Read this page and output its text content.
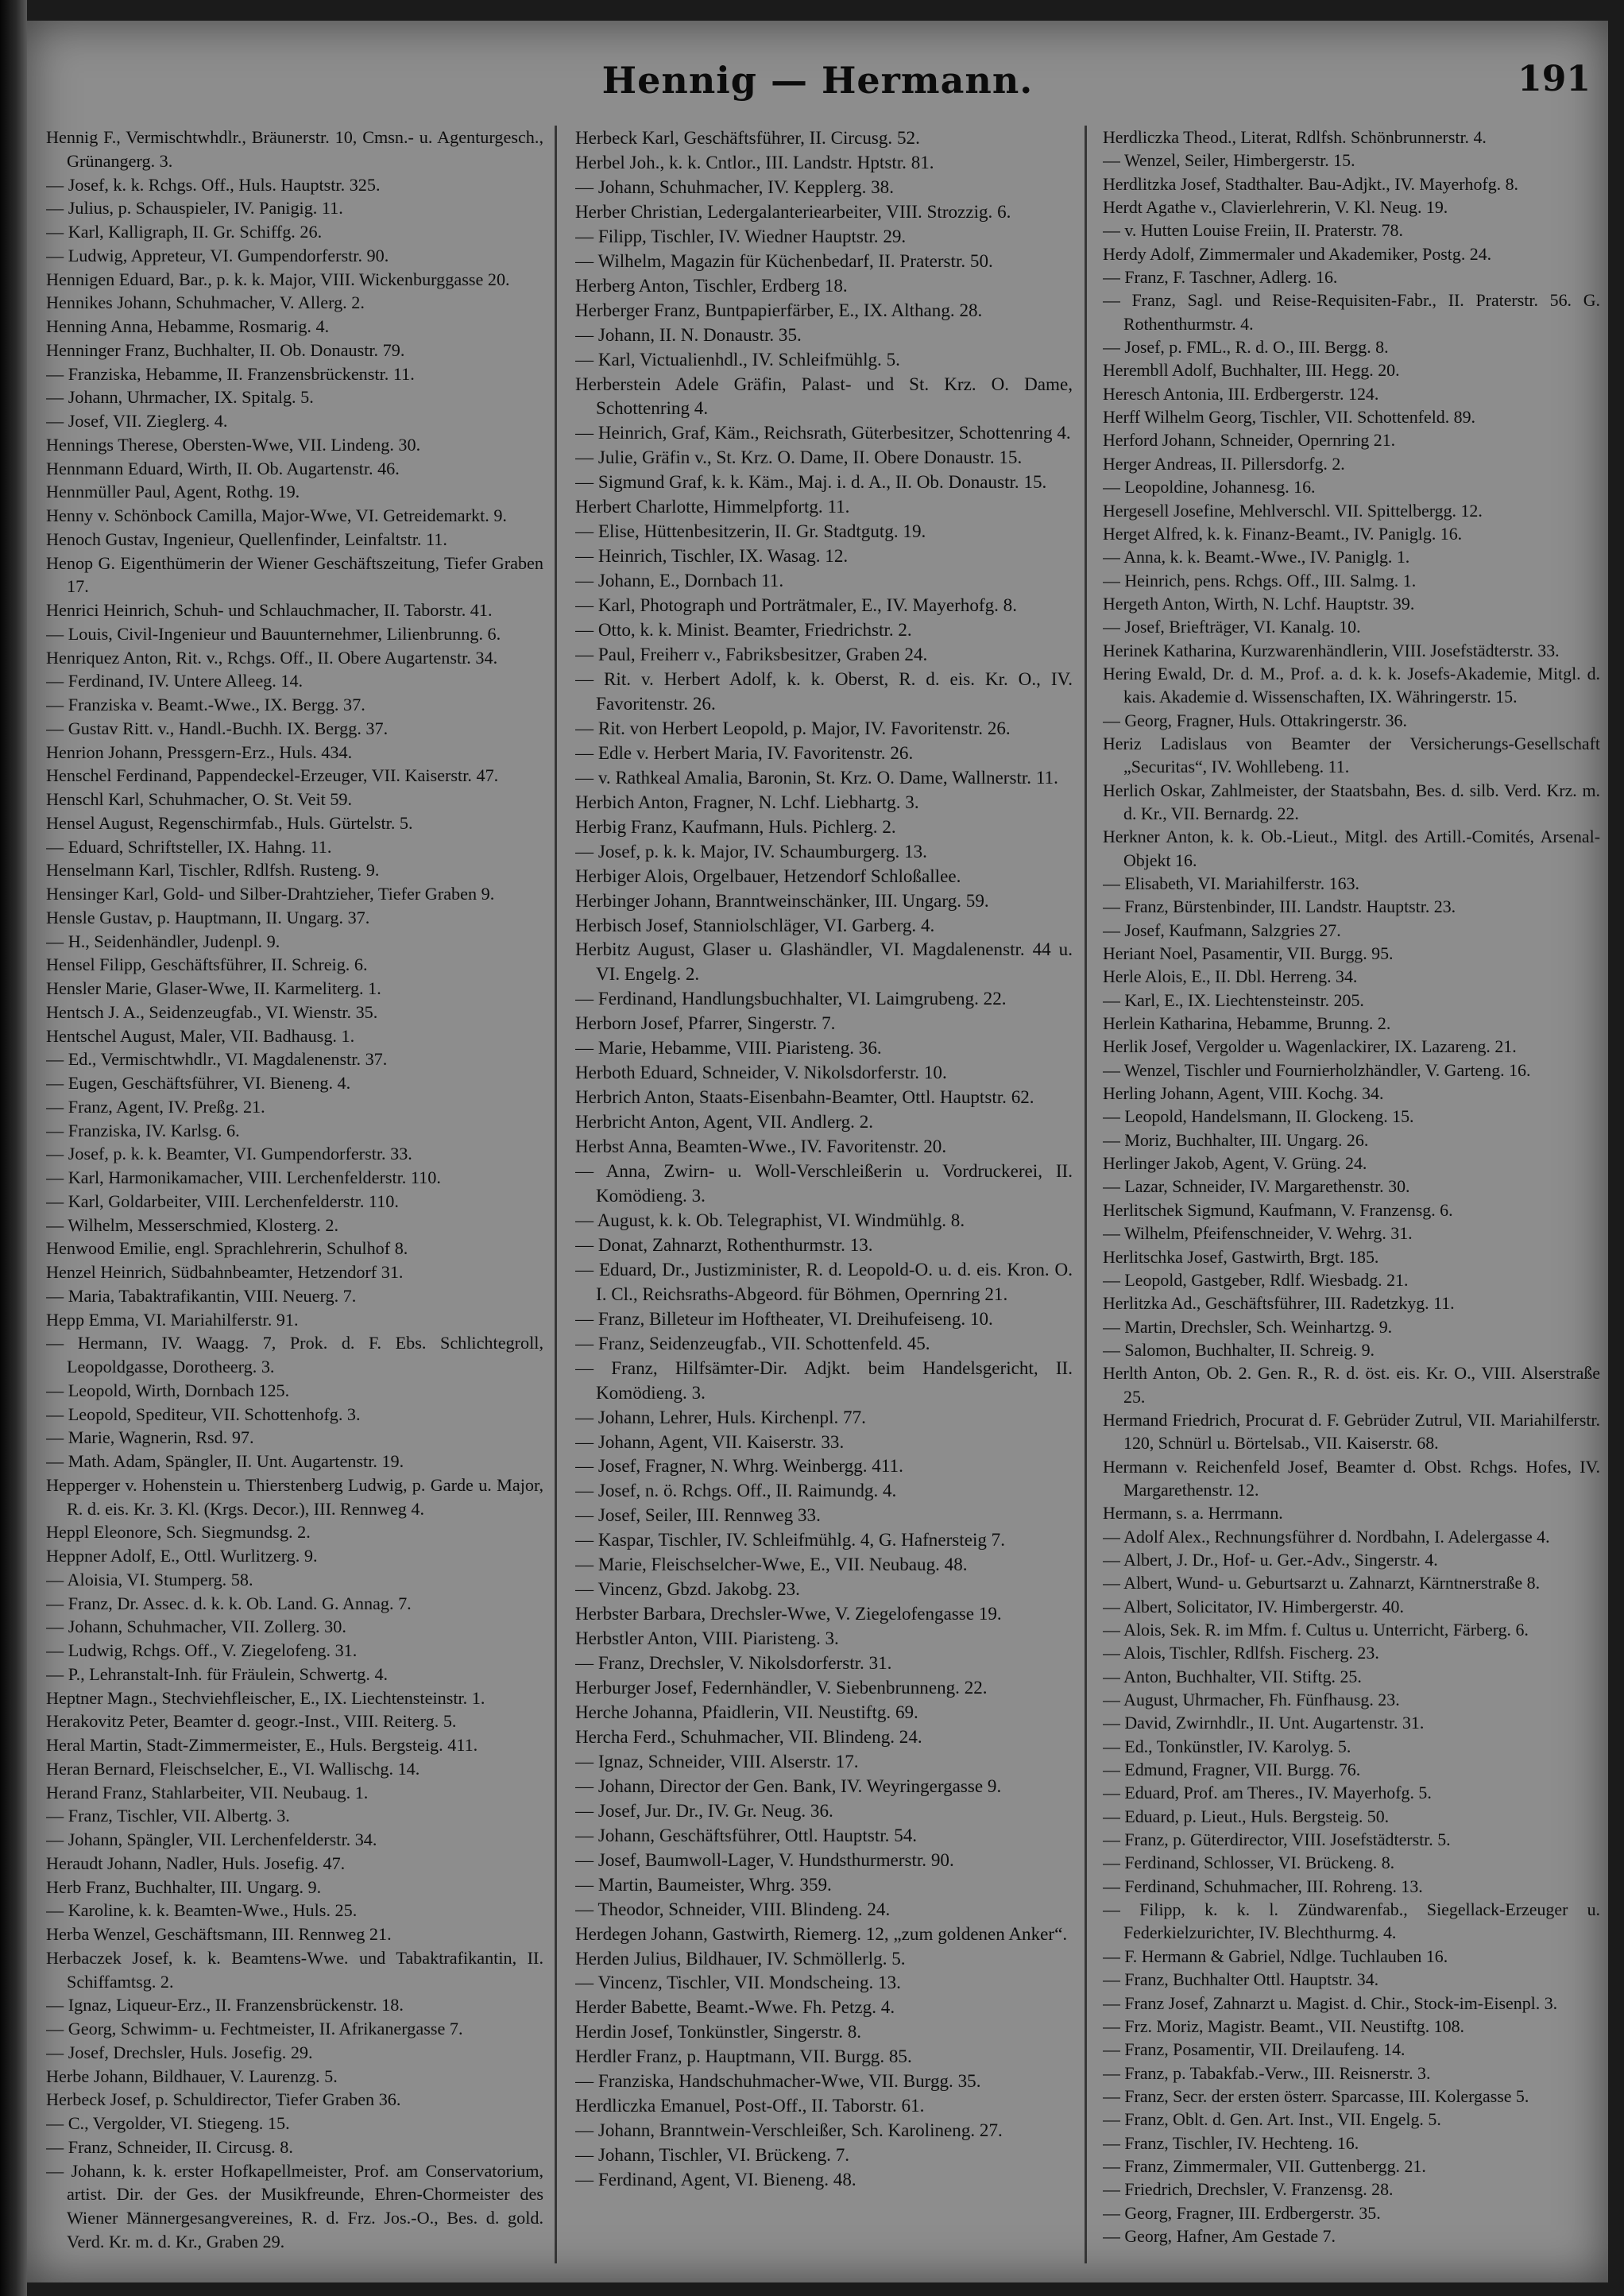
Hennig — Hermann.	191

Hennig F., Vermischtwhdlr., Bräunerstr. 10, Cmsn.- u. Agenturgesch., Grünangerg. 3.

— Josef, k. k. Rchgs. Off., Huls. Hauptstr. 325.

— Julius, p. Schauspieler, IV. Panigig. 11.

— Karl, Kalligraph, II. Gr. Schiffg. 26.

— Ludwig, Appreteur, VI. Gumpendorferstr. 90.

Hennigen Eduard, Bar., p. k. k. Major, VIII. Wickenburggasse 20.

Hennikes Johann, Schuhmacher, V. Allerg. 2.

Henning Anna, Hebamme, Rosmarig. 4.

Henninger Franz, Buchhalter, II. Ob. Donaustr. 79.

— Franziska, Hebamme, II. Franzensbrückenstr. 11.

— Johann, Uhrmacher, IX. Spitalg. 5.

— Josef, VII. Zieglerg. 4.

Hennings Therese, Obersten-Wwe, VII. Lindeng. 30.

Hennmann Eduard, Wirth, II. Ob. Augartenstr. 46.

Hennmüller Paul, Agent, Rothg. 19.

Henny v. Schönbock Camilla, Major-Wwe, VI. Getreidemarkt. 9.

Henoch Gustav, Ingenieur, Quellenfinder, Leinfaltstr. 11.

Henop G. Eigenthümerin der Wiener Geschäftszeitung, Tiefer Graben 17.

Henrici Heinrich, Schuh- und Schlauchmacher, II. Taborstr. 41.

— Louis, Civil-Ingenieur und Bauunternehmer, Lilienbrunng. 6.

Henriquez Anton, Rit. v., Rchgs. Off., II. Obere Augartenstr. 34.

— Ferdinand, IV. Untere Alleeg. 14.

— Franziska v. Beamt.-Wwe., IX. Bergg. 37.

— Gustav Ritt. v., Handl.-Buchh. IX. Bergg. 37.

Henrion Johann, Pressgern-Erz., Huls. 434.

Henschel Ferdinand, Pappendeckel-Erzeuger, VII. Kaiserstr. 47.

Henschl Karl, Schuhmacher, O. St. Veit 59.

Hensel August, Regenschirmfab., Huls. Gürtelstr. 5.

— Eduard, Schriftsteller, IX. Hahng. 11.

Henselmann Karl, Tischler, Rdlfsh. Rusteng. 9.

Hensinger Karl, Gold- und Silber-Drahtzieher, Tiefer Graben 9.

Hensle Gustav, p. Hauptmann, II. Ungarg. 37.

— H., Seidenhändler, Judenpl. 9.

Hensel Filipp, Geschäftsführer, II. Schreig. 6.

Hensler Marie, Glaser-Wwe, II. Karmeliterg. 1.

Hentsch J. A., Seidenzeugfab., VI. Wienstr. 35.

Hentschel August, Maler, VII. Badhausg. 1.

— Ed., Vermischtwhdlr., VI. Magdalenenstr. 37.

— Eugen, Geschäftsführer, VI. Bieneng. 4.

— Franz, Agent, IV. Preßg. 21.

— Franziska, IV. Karlsg. 6.

— Josef, p. k. k. Beamter, VI. Gumpendorferstr. 33.

— Karl, Harmonikamacher, VIII. Lerchenfelderstr. 110.

— Karl, Goldarbeiter, VIII. Lerchenfelderstr. 110.

— Wilhelm, Messerschmied, Klosterg. 2.

Henwood Emilie, engl. Sprachlehrerin, Schulhof 8.

Henzel Heinrich, Südbahnbeamter, Hetzendorf 31.

— Maria, Tabaktrafikantin, VIII. Neuerg. 7.

Hepp Emma, VI. Mariahilferstr. 91.

— Hermann, IV. Waagg. 7, Prok. d. F. Ebs. Schlichtegroll, Leopoldgasse, Dorotheerg. 3.

— Leopold, Wirth, Dornbach 125.

— Leopold, Spediteur, VII. Schottenhofg. 3.

— Marie, Wagnerin, Rsd. 97.

— Math. Adam, Spängler, II. Unt. Augartenstr. 19.

Hepperger v. Hohenstein u. Thierstenberg Ludwig, p. Garde u. Major, R. d. eis. Kr. 3. Kl. (Krgs. Decor.), III. Rennweg 4.

Heppl Eleonore, Sch. Siegmundsg. 2.

Heppner Adolf, E., Ottl. Wurlitzerg. 9.

— Aloisia, VI. Stumperg. 58.

— Franz, Dr. Assec. d. k. k. Ob. Land. G. Annag. 7.

— Johann, Schuhmacher, VII. Zollerg. 30.

— Ludwig, Rchgs. Off., V. Ziegelofeng. 31.

— P., Lehranstalt-Inh. für Fräulein, Schwertg. 4.

Heptner Magn., Stechviehfleischer, E., IX. Liechtensteinstr. 1.

Herakovitz Peter, Beamter d. geogr.-Inst., VIII. Reiterg. 5.

Heral Martin, Stadt-Zimmermeister, E., Huls. Bergsteig. 411.

Heran Bernard, Fleischselcher, E., VI. Wallischg. 14.

Herand Franz, Stahlarbeiter, VII. Neubaug. 1.

— Franz, Tischler, VII. Albertg. 3.

— Johann, Spängler, VII. Lerchenfelderstr. 34.

Heraudt Johann, Nadler, Huls. Josefig. 47.

Herb Franz, Buchhalter, III. Ungarg. 9.

— Karoline, k. k. Beamten-Wwe., Huls. 25.

Herba Wenzel, Geschäftsmann, III. Rennweg 21.

Herbaczek Josef, k. k. Beamtens-Wwe. und Tabaktrafikantin, II. Schiffamtsg. 2.

— Ignaz, Liqueur-Erz., II. Franzensbrückenstr. 18.

— Georg, Schwimm- u. Fechtmeister, II. Afrikanergasse 7.

— Josef, Drechsler, Huls. Josefig. 29.

Herbe Johann, Bildhauer, V. Laurenzg. 5.

Herbeck Josef, p. Schuldirector, Tiefer Graben 36.

— C., Vergolder, VI. Stiegeng. 15.

— Franz, Schneider, II. Circusg. 8.

— Johann, k. k. erster Hofkapellmeister, Prof. am Conservatorium, artist. Dir. der Ges. der Musikfreunde, Ehren-Chormeister des Wiener Männergesangvereines, R. d. Frz. Jos.-O., Bes. d. gold. Verd. Kr. m. d. Kr., Graben 29.

Herbeck Karl, Geschäftsführer, II. Circusg. 52.

Herbel Joh., k. k. Cntlor., III. Landstr. Hptstr. 81.

— Johann, Schuhmacher, IV. Kepplerg. 38.

Herber Christian, Ledergalanteriearbeiter, VIII. Strozzig. 6.

— Filipp, Tischler, IV. Wiedner Hauptstr. 29.

— Wilhelm, Magazin für Küchenbedarf, II. Praterstr. 50.

Herberg Anton, Tischler, Erdberg 18.

Herberger Franz, Buntpapierfärber, E., IX. Althang. 28.

— Johann, II. N. Donaustr. 35.

— Karl, Victualienhdl., IV. Schleifmühlg. 5.

Herberstein Adele Gräfin, Palast- und St. Krz. O. Dame, Schottenring 4.

— Heinrich, Graf, Käm., Reichsrath, Güterbesitzer, Schottenring 4.

— Julie, Gräfin v., St. Krz. O. Dame, II. Obere Donaustr. 15.

— Sigmund Graf, k. k. Käm., Maj. i. d. A., II. Ob. Donaustr. 15.

Herbert Charlotte, Himmelpfortg. 11.

— Elise, Hüttenbesitzerin, II. Gr. Stadtgutg. 19.

— Heinrich, Tischler, IX. Wasag. 12.

— Johann, E., Dornbach 11.

— Karl, Photograph und Porträtmaler, E., IV. Mayerhofg. 8.

— Otto, k. k. Minist. Beamter, Friedrichstr. 2.

— Paul, Freiherr v., Fabriksbesitzer, Graben 24.

— Rit. v. Herbert Adolf, k. k. Oberst, R. d. eis. Kr. O., IV. Favoritenstr. 26.

— Rit. von Herbert Leopold, p. Major, IV. Favoritenstr. 26.

— Edle v. Herbert Maria, IV. Favoritenstr. 26.

— v. Rathkeal Amalia, Baronin, St. Krz. O. Dame, Wallnerstr. 11.

Herbich Anton, Fragner, N. Lchf. Liebhartg. 3.

Herbig Franz, Kaufmann, Huls. Pichlerg. 2.

— Josef, p. k. k. Major, IV. Schaumburgerg. 13.

Herbiger Alois, Orgelbauer, Hetzendorf Schloßallee.

Herbinger Johann, Branntweinschänker, III. Ungarg. 59.

Herbisch Josef, Stanniolschläger, VI. Garberg. 4.

Herbitz August, Glaser u. Glashändler, VI. Magdalenenstr. 44 u. VI. Engelg. 2.

— Ferdinand, Handlungsbuchhalter, VI. Laimgrubeng. 22.

Herborn Josef, Pfarrer, Singerstr. 7.

— Marie, Hebamme, VIII. Piaristeng. 36.

Herboth Eduard, Schneider, V. Nikolsdorferstr. 10.

Herbrich Anton, Staats-Eisenbahn-Beamter, Ottl. Hauptstr. 62.

Herbricht Anton, Agent, VII. Andlerg. 2.

Herbst Anna, Beamten-Wwe., IV. Favoritenstr. 20.

— Anna, Zwirn- u. Woll-Verschleißerin u. Vordruckerei, II. Komödieng. 3.

— August, k. k. Ob. Telegraphist, VI. Windmühlg. 8.

— Donat, Zahnarzt, Rothenthurmstr. 13.

— Eduard, Dr., Justizminister, R. d. Leopold-O. u. d. eis. Kron. O. I. Cl., Reichsraths-Abgeord. für Böhmen, Opernring 21.

— Franz, Billeteur im Hoftheater, VI. Dreihufeiseng. 10.

— Franz, Seidenzeugfab., VII. Schottenfeld. 45.

— Franz, Hilfsämter-Dir. Adjkt. beim Handelsgericht, II. Komödieng. 3.

— Johann, Lehrer, Huls. Kirchenpl. 77.

— Johann, Agent, VII. Kaiserstr. 33.

— Josef, Fragner, N. Whrg. Weinbergg. 411.

— Josef, n. ö. Rchgs. Off., II. Raimundg. 4.

— Josef, Seiler, III. Rennweg 33.

— Kaspar, Tischler, IV. Schleifmühlg. 4, G. Hafnersteig 7.

— Marie, Fleischselcher-Wwe, E., VII. Neubaug. 48.

— Vincenz, Gbzd. Jakobg. 23.

Herbster Barbara, Drechsler-Wwe, V. Ziegelofengasse 19.

Herbstler Anton, VIII. Piaristeng. 3.

— Franz, Drechsler, V. Nikolsdorferstr. 31.

Herburger Josef, Federnhändler, V. Siebenbrunneng. 22.

Herche Johanna, Pfaidlerin, VII. Neustiftg. 69.

Hercha Ferd., Schuhmacher, VII. Blindeng. 24.

— Ignaz, Schneider, VIII. Alserstr. 17.

— Johann, Director der Gen. Bank, IV. Weyringergasse 9.

— Josef, Jur. Dr., IV. Gr. Neug. 36.

— Johann, Geschäftsführer, Ottl. Hauptstr. 54.

— Josef, Baumwoll-Lager, V. Hundsthurmerstr. 90.

— Martin, Baumeister, Whrg. 359.

— Theodor, Schneider, VIII. Blindeng. 24.

Herdegen Johann, Gastwirth, Riemerg. 12, „zum goldenen Anker“.

Herden Julius, Bildhauer, IV. Schmöllerlg. 5.

— Vincenz, Tischler, VII. Mondscheing. 13.

Herder Babette, Beamt.-Wwe. Fh. Petzg. 4.

Herdin Josef, Tonkünstler, Singerstr. 8.

Herdler Franz, p. Hauptmann, VII. Burgg. 85.

— Franziska, Handschuhmacher-Wwe, VII. Burgg. 35.

Herdliczka Emanuel, Post-Off., II. Taborstr. 61.

— Johann, Branntwein-Verschleißer, Sch. Karolineng. 27.

— Johann, Tischler, VI. Brückeng. 7.

— Ferdinand, Agent, VI. Bieneng. 48.

Herdliczka Theod., Literat, Rdlfsh. Schönbrunnerstr. 4.

— Wenzel, Seiler, Himbergerstr. 15.

Herdlitzka Josef, Stadthalter. Bau-Adjkt., IV. Mayerhofg. 8.

Herdt Agathe v., Clavierlehrerin, V. Kl. Neug. 19.

— v. Hutten Louise Freiin, II. Praterstr. 78.

Herdy Adolf, Zimmermaler und Akademiker, Postg. 24.

— Franz, F. Taschner, Adlerg. 16.

— Franz, Sagl. und Reise-Requisiten-Fabr., II. Praterstr. 56. G. Rothenthurmstr. 4.

— Josef, p. FML., R. d. O., III. Bergg. 8.

Herembll Adolf, Buchhalter, III. Hegg. 20.

Heresch Antonia, III. Erdbergerstr. 124.

Herff Wilhelm Georg, Tischler, VII. Schottenfeld. 89.

Herford Johann, Schneider, Opernring 21.

Herger Andreas, II. Pillersdorfg. 2.

— Leopoldine, Johannesg. 16.

Hergesell Josefine, Mehlverschl. VII. Spittelbergg. 12.

Herget Alfred, k. k. Finanz-Beamt., IV. Paniglg. 16.

— Anna, k. k. Beamt.-Wwe., IV. Paniglg. 1.

— Heinrich, pens. Rchgs. Off., III. Salmg. 1.

Hergeth Anton, Wirth, N. Lchf. Hauptstr. 39.

— Josef, Briefträger, VI. Kanalg. 10.

Herinek Katharina, Kurzwarenhändlerin, VIII. Josefstädterstr. 33.

Hering Ewald, Dr. d. M., Prof. a. d. k. k. Josefs-Akademie, Mitgl. d. kais. Akademie d. Wissenschaften, IX. Währingerstr. 15.

— Georg, Fragner, Huls. Ottakringerstr. 36.

Heriz Ladislaus von Beamter der Versicherungs-Gesellschaft „Securitas“, IV. Wohllebeng. 11.

Herlich Oskar, Zahlmeister, der Staatsbahn, Bes. d. silb. Verd. Krz. m. d. Kr., VII. Bernardg. 22.

Herkner Anton, k. k. Ob.-Lieut., Mitgl. des Artill.-Comités, Arsenal-Objekt 16.

— Elisabeth, VI. Mariahilferstr. 163.

— Franz, Bürstenbinder, III. Landstr. Hauptstr. 23.

— Josef, Kaufmann, Salzgries 27.

Heriant Noel, Pasamentir, VII. Burgg. 95.

Herle Alois, E., II. Dbl. Herreng. 34.

— Karl, E., IX. Liechtensteinstr. 205.

Herlein Katharina, Hebamme, Brunng. 2.

Herlik Josef, Vergolder u. Wagenlackirer, IX. Lazareng. 21.

— Wenzel, Tischler und Fournierholzhändler, V. Garteng. 16.

Herling Johann, Agent, VIII. Kochg. 34.

— Leopold, Handelsmann, II. Glockeng. 15.

— Moriz, Buchhalter, III. Ungarg. 26.

Herlinger Jakob, Agent, V. Grüng. 24.

— Lazar, Schneider, IV. Margarethenstr. 30.

Herlitschek Sigmund, Kaufmann, V. Franzensg. 6.

— Wilhelm, Pfeifenschneider, V. Wehrg. 31.

Herlitschka Josef, Gastwirth, Brgt. 185.

— Leopold, Gastgeber, Rdlf. Wiesbadg. 21.

Herlitzka Ad., Geschäftsführer, III. Radetzkyg. 11.

— Martin, Drechsler, Sch. Weinhartzg. 9.

— Salomon, Buchhalter, II. Schreig. 9.

Herlth Anton, Ob. 2. Gen. R., R. d. öst. eis. Kr. O., VIII. Alserstraße 25.

Hermand Friedrich, Procurat d. F. Gebrüder Zutrul, VII. Mariahilferstr. 120, Schnürl u. Börtelsab., VII. Kaiserstr. 68.

Hermann v. Reichenfeld Josef, Beamter d. Obst. Rchgs. Hofes, IV. Margarethenstr. 12.

Hermann, s. a. Herrmann.

— Adolf Alex., Rechnungsführer d. Nordbahn, I. Adelergasse 4.

— Albert, J. Dr., Hof- u. Ger.-Adv., Singerstr. 4.

— Albert, Wund- u. Geburtsarzt u. Zahnarzt, Kärntnerstraße 8.

— Albert, Solicitator, IV. Himbergerstr. 40.

— Alois, Sek. R. im Mfm. f. Cultus u. Unterricht, Färberg. 6.

— Alois, Tischler, Rdlfsh. Fischerg. 23.

— Anton, Buchhalter, VII. Stiftg. 25.

— August, Uhrmacher, Fh. Fünfhausg. 23.

— David, Zwirnhdlr., II. Unt. Augartenstr. 31.

— Ed., Tonkünstler, IV. Karolyg. 5.

— Edmund, Fragner, VII. Burgg. 76.

— Eduard, Prof. am Theres., IV. Mayerhofg. 5.

— Eduard, p. Lieut., Huls. Bergsteig. 50.

— Franz, p. Güterdirector, VIII. Josefstädterstr. 5.

— Ferdinand, Schlosser, VI. Brückeng. 8.

— Ferdinand, Schuhmacher, III. Rohreng. 13.

— Filipp, k. k. l. Zündwarenfab., Siegellack-Erzeuger u. Federkielzurichter, IV. Blechthurmg. 4.

— F. Hermann & Gabriel, Ndlge. Tuchlauben 16.

— Franz, Buchhalter Ottl. Hauptstr. 34.

— Franz Josef, Zahnarzt u. Magist. d. Chir., Stock-im-Eisenpl. 3.

— Frz. Moriz, Magistr. Beamt., VII. Neustiftg. 108.

— Franz, Posamentir, VII. Dreilaufeng. 14.

— Franz, p. Tabakfab.-Verw., III. Reisnerstr. 3.

— Franz, Secr. der ersten österr. Sparcasse, III. Kolergasse 5.

— Franz, Oblt. d. Gen. Art. Inst., VII. Engelg. 5.

— Franz, Tischler, IV. Hechteng. 16.

— Franz, Zimmermaler, VII. Guttenbergg. 21.

— Friedrich, Drechsler, V. Franzensg. 28.

— Georg, Fragner, III. Erdbergerstr. 35.

— Georg, Hafner, Am Gestade 7.
